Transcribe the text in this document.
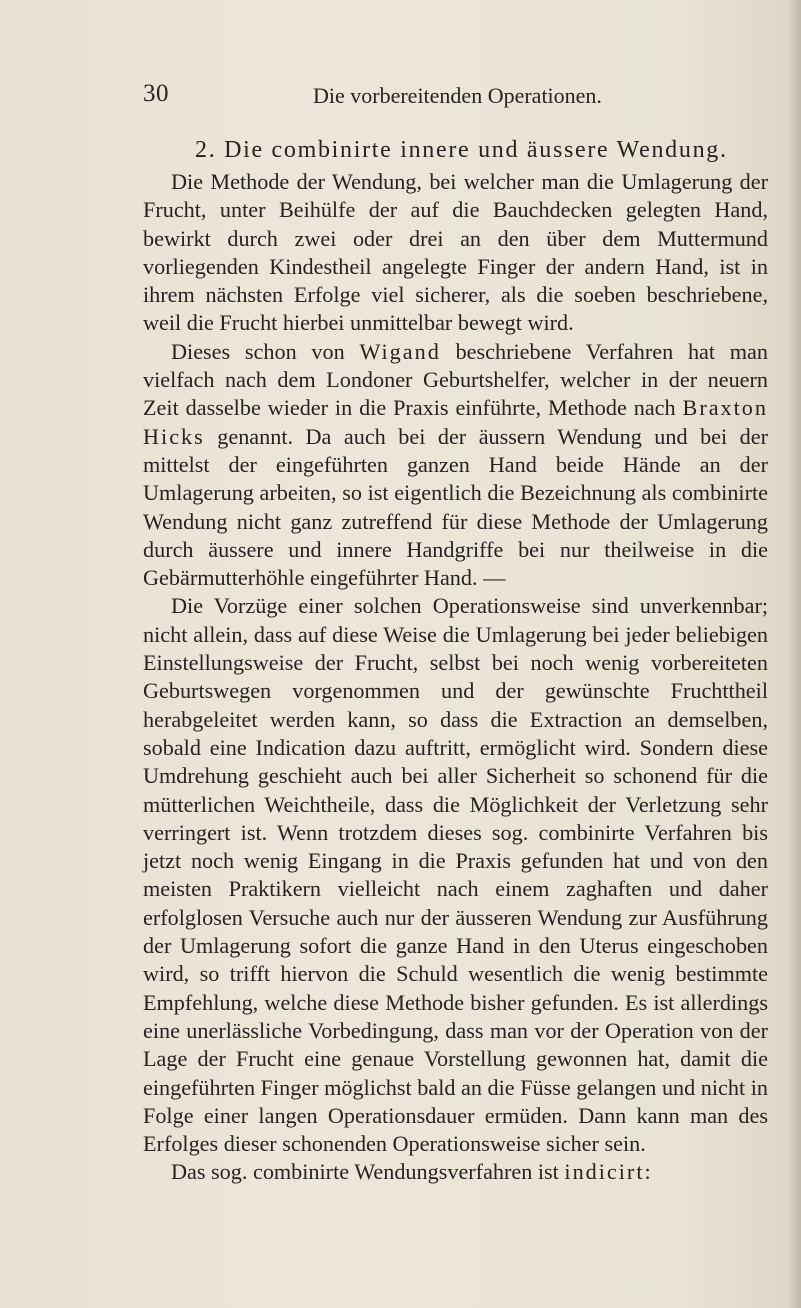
30	Die vorbereitenden Operationen.
2. Die combinirte innere und äussere Wendung.

Die Methode der Wendung, bei welcher man die Umlagerung der Frucht, unter Beihülfe der auf die Bauchdecken gelegten Hand, bewirkt durch zwei oder drei an den über dem Muttermund vorliegenden Kindestheil angelegte Finger der andern Hand, ist in ihrem nächsten Erfolge viel sicherer, als die soeben beschriebene, weil die Frucht hierbei unmittelbar bewegt wird.

Dieses schon von Wigand beschriebene Verfahren hat man vielfach nach dem Londoner Geburtshelfer, welcher in der neuern Zeit dasselbe wieder in die Praxis einführte, Methode nach Braxton Hicks genannt. Da auch bei der äussern Wendung und bei der mittelst der eingeführten ganzen Hand beide Hände an der Umlagerung arbeiten, so ist eigentlich die Bezeichnung als combinirte Wendung nicht ganz zutreffend für diese Methode der Umlagerung durch äussere und innere Handgriffe bei nur theilweise in die Gebärmutterhöhle eingeführter Hand. —

Die Vorzüge einer solchen Operationsweise sind unverkennbar; nicht allein, dass auf diese Weise die Umlagerung bei jeder beliebigen Einstellungsweise der Frucht, selbst bei noch wenig vorbereiteten Geburtswegen vorgenommen und der gewünschte Fruchttheil herabgeleitet werden kann, so dass die Extraction an demselben, sobald eine Indication dazu auftritt, ermöglicht wird. Sondern diese Umdrehung geschieht auch bei aller Sicherheit so schonend für die mütterlichen Weichtheile, dass die Möglichkeit der Verletzung sehr verringert ist. Wenn trotzdem dieses sog. combinirte Verfahren bis jetzt noch wenig Eingang in die Praxis gefunden hat und von den meisten Praktikern vielleicht nach einem zaghaften und daher erfolglosen Versuche auch nur der äusseren Wendung zur Ausführung der Umlagerung sofort die ganze Hand in den Uterus eingeschoben wird, so trifft hiervon die Schuld wesentlich die wenig bestimmte Empfehlung, welche diese Methode bisher gefunden. Es ist allerdings eine unerlässliche Vorbedingung, dass man vor der Operation von der Lage der Frucht eine genaue Vorstellung gewonnen hat, damit die eingeführten Finger möglichst bald an die Füsse gelangen und nicht in Folge einer langen Operationsdauer ermüden. Dann kann man des Erfolges dieser schonenden Operationsweise sicher sein.

Das sog. combinirte Wendungsverfahren ist indicirt:
